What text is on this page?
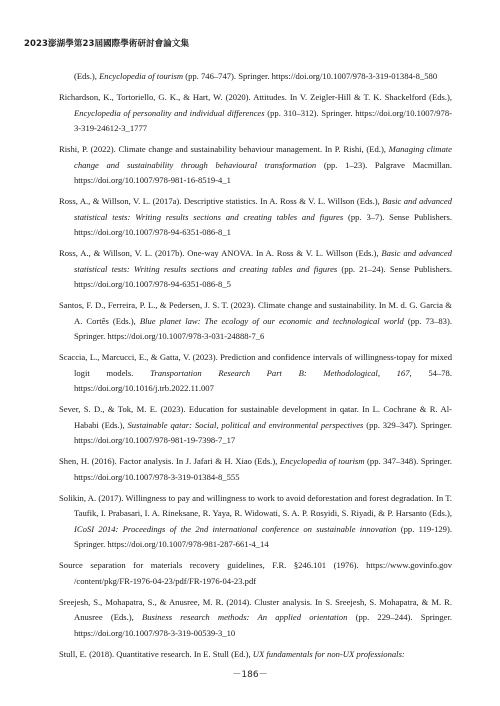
2023澎湖學第23屆國際學術研討會論文集

(Eds.), Encyclopedia of tourism (pp. 746–747). Springer. https://doi.org/10.1007/978-3-319-01384-8_580

Richardson, K., Tortoriello, G. K., & Hart, W. (2020). Attitudes. In V. Zeigler-Hill & T. K. Shackelford (Eds.), Encyclopedia of personality and individual differences (pp. 310–312). Springer. https://doi.org/10.1007/978-3-319-24612-3_1777

Rishi, P. (2022). Climate change and sustainability behaviour management. In P. Rishi, (Ed.), Managing climate change and sustainability through behavioural transformation (pp. 1–23). Palgrave Macmillan. https://doi.org/10.1007/978-981-16-8519-4_1

Ross, A., & Willson, V. L. (2017a). Descriptive statistics. In A. Ross & V. L. Willson (Eds.), Basic and advanced statistical tests: Writing results sections and creating tables and figures (pp. 3–7). Sense Publishers. https://doi.org/10.1007/978-94-6351-086-8_1

Ross, A., & Willson, V. L. (2017b). One-way ANOVA. In A. Ross & V. L. Willson (Eds.), Basic and advanced statistical tests: Writing results sections and creating tables and figures (pp. 21–24). Sense Publishers. https://doi.org/10.1007/978-94-6351-086-8_5

Santos, F. D., Ferreira, P. L., & Pedersen, J. S. T. (2023). Climate change and sustainability. In M. d. G. Garcia & A. Cortês (Eds.), Blue planet law: The ecology of our economic and technological world (pp. 73–83). Springer. https://doi.org/10.1007/978-3-031-24888-7_6

Scaccia, L., Marcucci, E., & Gatta, V. (2023). Prediction and confidence intervals of willingness-topay for mixed logit models. Transportation Research Part B: Methodological, 167, 54–78. https://doi.org/10.1016/j.trb.2022.11.007

Sever, S. D., & Tok, M. E. (2023). Education for sustainable development in qatar. In L. Cochrane & R. Al-Hababi (Eds.), Sustainable qatar: Social, political and environmental perspectives (pp. 329–347). Springer. https://doi.org/10.1007/978-981-19-7398-7_17

Shen, H. (2016). Factor analysis. In J. Jafari & H. Xiao (Eds.), Encyclopedia of tourism (pp. 347–348). Springer. https://doi.org/10.1007/978-3-319-01384-8_555

Solikin, A. (2017). Willingness to pay and willingness to work to avoid deforestation and forest degradation. In T. Taufik, I. Prabasari, I. A. Rineksane, R. Yaya, R. Widowati, S. A. P. Rosyidi, S. Riyadi, & P. Harsanto (Eds.), ICoSI 2014: Proceedings of the 2nd international conference on sustainable innovation (pp. 119-129). Springer. https://doi.org/10.1007/978-981-287-661-4_14

Source separation for materials recovery guidelines, F.R. §246.101 (1976). https://www.govinfo.gov /content/pkg/FR-1976-04-23/pdf/FR-1976-04-23.pdf

Sreejesh, S., Mohapatra, S., & Anusree, M. R. (2014). Cluster analysis. In S. Sreejesh, S. Mohapatra, & M. R. Anusree (Eds.), Business research methods: An applied orientation (pp. 229–244). Springer. https://doi.org/10.1007/978-3-319-00539-3_10

Stull, E. (2018). Quantitative research. In E. Stull (Ed.), UX fundamentals for non-UX professionals:

－186－
